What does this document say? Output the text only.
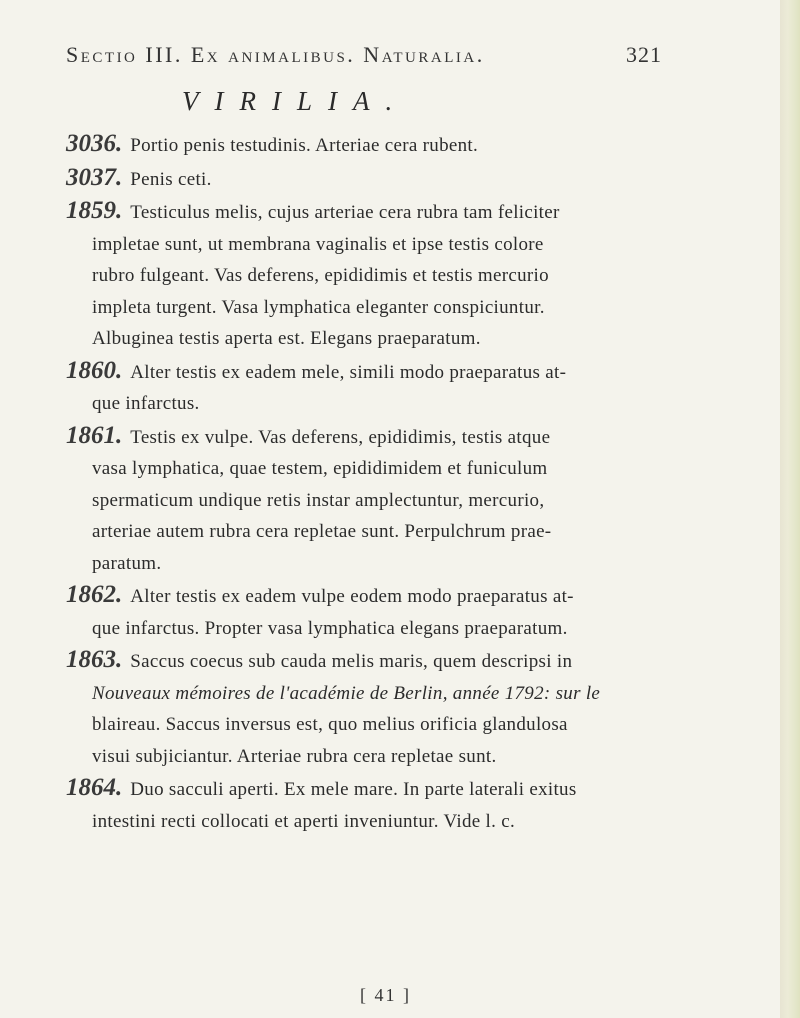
Sectio III. Ex animalibus. Naturalia.	321
VIRILIA.
3036. Portio penis testudinis. Arteriae cera rubent.
3037. Penis ceti.
1859. Testiculus melis, cujus arteriae cera rubra tam feliciter
impletae sunt, ut membrana vaginalis et ipse testis colore
rubro fulgeant. Vas deferens, epididimis et testis mercurio
impleta turgent. Vasa lymphatica eleganter conspiciuntur.
Albuginea testis aperta est. Elegans praeparatum.
1860. Alter testis ex eadem mele, simili modo praeparatus at-
que infarctus.
1861. Testis ex vulpe. Vas deferens, epididimis, testis atque
vasa lymphatica, quae testem, epididimidem et funiculum
spermaticum undique retis instar amplectuntur, mercurio,
arteriae autem rubra cera repletae sunt. Perpulchrum prae-
paratum.
1862. Alter testis ex eadem vulpe eodem modo praeparatus at-
que infarctus. Propter vasa lymphatica elegans praeparatum.
1863. Saccus coecus sub cauda melis maris, quem descripsi in
Nouveaux mémoires de l'académie de Berlin, année 1792: sur le
blaireau. Saccus inversus est, quo melius orificia glandulosa
visui subjiciantur. Arteriae rubra cera repletae sunt.
1864. Duo sacculi aperti. Ex mele mare. In parte laterali exitus
intestini recti collocati et aperti inveniuntur. Vide l. c.
[ 41 ]
